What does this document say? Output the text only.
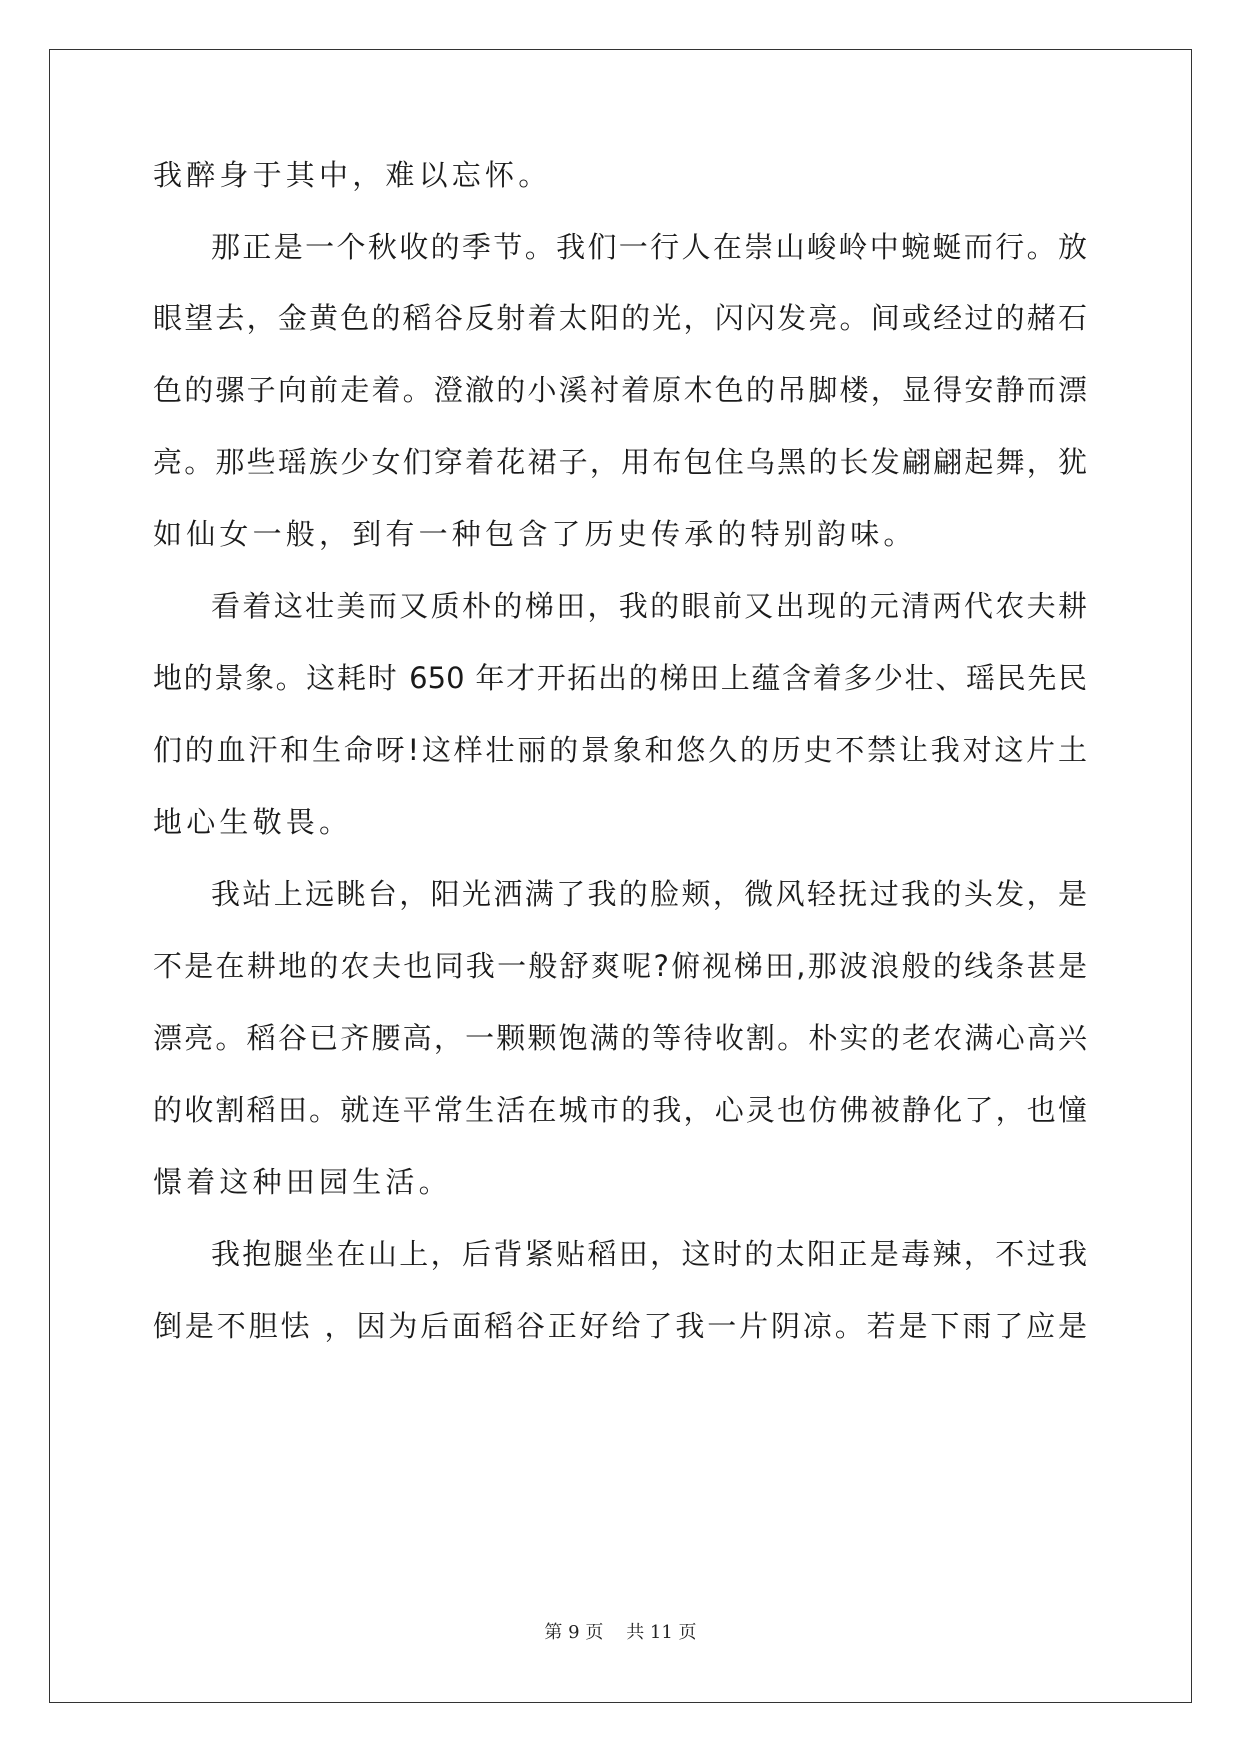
我醉身于其中，难以忘怀。
那正是一个秋收的季节。我们一行人在崇山峻岭中蜿蜒而行。放
眼望去，金黄色的稻谷反射着太阳的光，闪闪发亮。间或经过的赭石
色的骡子向前走着。澄澈的小溪衬着原木色的吊脚楼，显得安静而漂
亮。那些瑶族少女们穿着花裙子，用布包住乌黑的长发翩翩起舞，犹
如仙女一般，到有一种包含了历史传承的特别韵味。
看着这壮美而又质朴的梯田，我的眼前又出现的元清两代农夫耕
地的景象。这耗时 650 年才开拓出的梯田上蕴含着多少壮、瑶民先民
们的血汗和生命呀!这样壮丽的景象和悠久的历史不禁让我对这片土
地心生敬畏。
我站上远眺台，阳光洒满了我的脸颊，微风轻抚过我的头发，是
不是在耕地的农夫也同我一般舒爽呢?俯视梯田,那波浪般的线条甚是
漂亮。稻谷已齐腰高，一颗颗饱满的等待收割。朴实的老农满心高兴
的收割稻田。就连平常生活在城市的我，心灵也仿佛被静化了，也憧
憬着这种田园生活。
我抱腿坐在山上，后背紧贴稻田，这时的太阳正是毒辣，不过我
倒是不胆怯 ，因为后面稻谷正好给了我一片阴凉。若是下雨了应是
第 9 页    共 11 页
